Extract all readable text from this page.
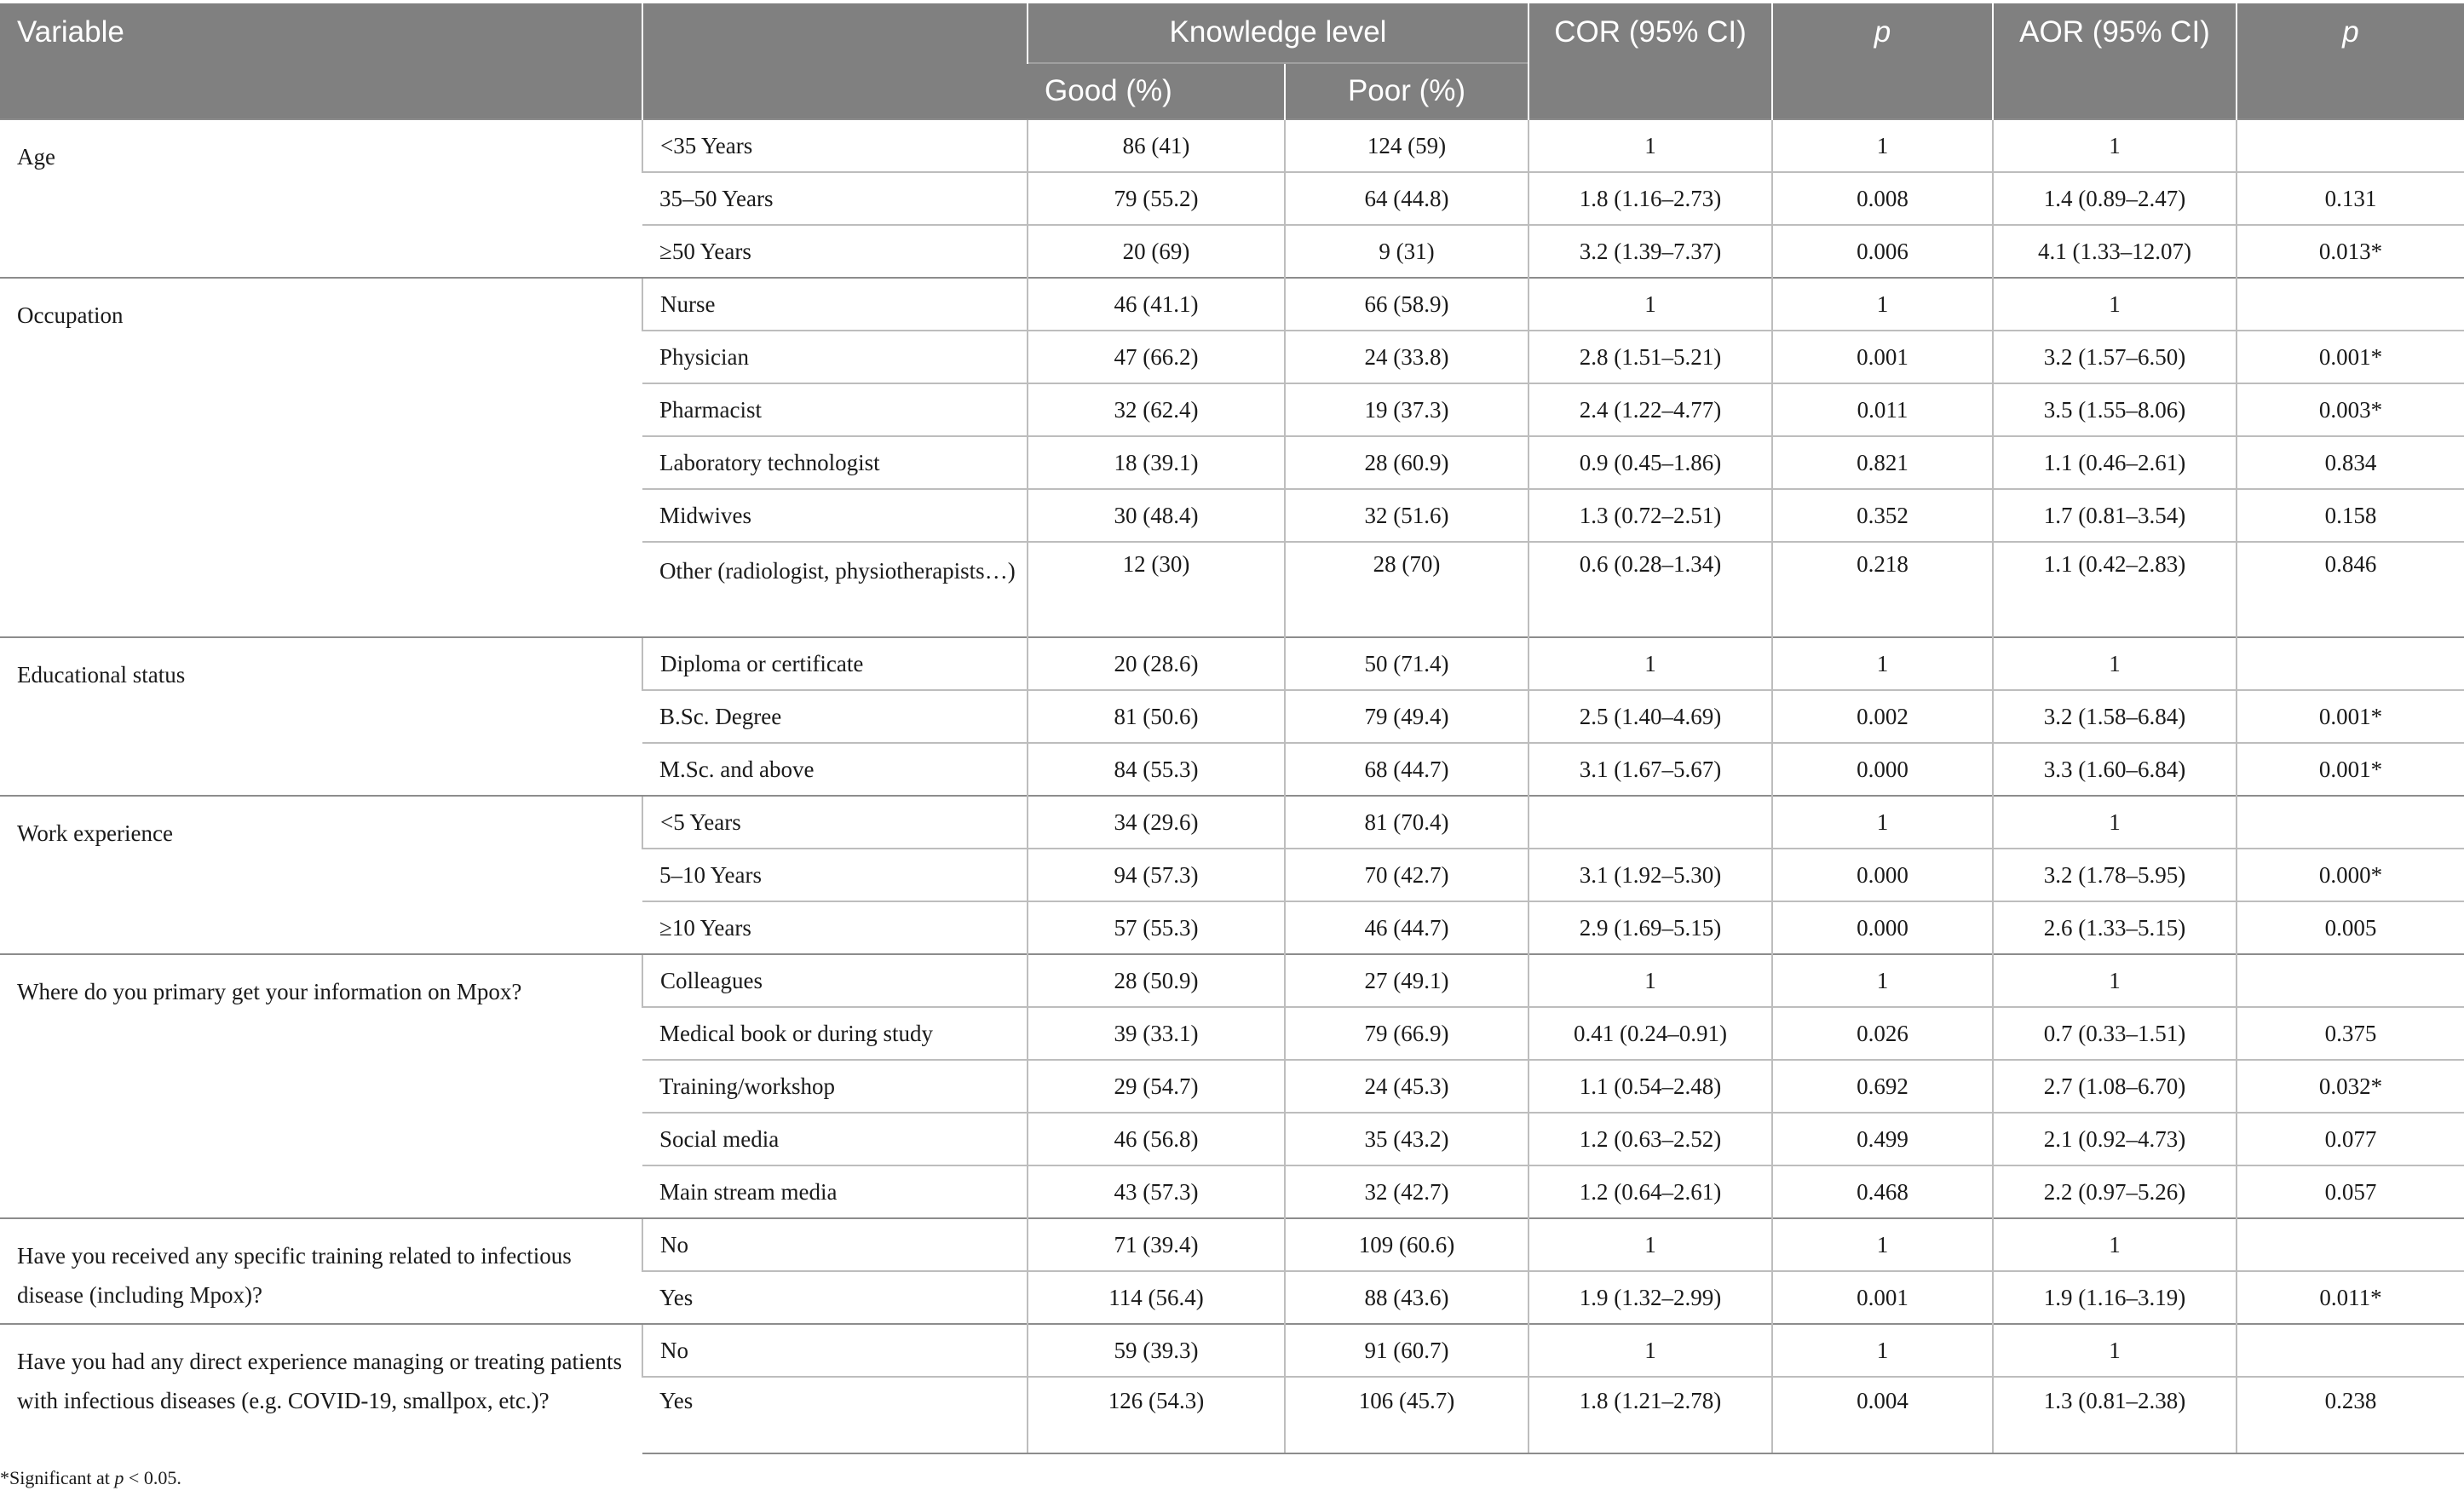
Variable		Knowledge level		COR (95% CI)	p	AOR (95% CI)	p
		Good (%)	Poor (%)				
Age	<35 Years	86 (41)	124 (59)	1	1	1	
	35–50 Years	79 (55.2)	64 (44.8)	1.8 (1.16–2.73)	0.008	1.4 (0.89–2.47)	0.131
	≥50 Years	20 (69)	9 (31)	3.2 (1.39–7.37)	0.006	4.1 (1.33–12.07)	0.013*
Occupation	Nurse	46 (41.1)	66 (58.9)	1	1	1	
	Physician	47 (66.2)	24 (33.8)	2.8 (1.51–5.21)	0.001	3.2 (1.57–6.50)	0.001*
	Pharmacist	32 (62.4)	19 (37.3)	2.4 (1.22–4.77)	0.011	3.5 (1.55–8.06)	0.003*
	Laboratory technologist	18 (39.1)	28 (60.9)	0.9 (0.45–1.86)	0.821	1.1 (0.46–2.61)	0.834
	Midwives	30 (48.4)	32 (51.6)	1.3 (0.72–2.51)	0.352	1.7 (0.81–3.54)	0.158
	Other (radiologist, physiotherapists…)	12 (30)	28 (70)	0.6 (0.28–1.34)	0.218	1.1 (0.42–2.83)	0.846
Educational status	Diploma or certificate	20 (28.6)	50 (71.4)	1	1	1	
	B.Sc. Degree	81 (50.6)	79 (49.4)	2.5 (1.40–4.69)	0.002	3.2 (1.58–6.84)	0.001*
	M.Sc. and above	84 (55.3)	68 (44.7)	3.1 (1.67–5.67)	0.000	3.3 (1.60–6.84)	0.001*
Work experience	<5 Years	34 (29.6)	81 (70.4)		1	1	
	5–10 Years	94 (57.3)	70 (42.7)	3.1 (1.92–5.30)	0.000	3.2 (1.78–5.95)	0.000*
	≥10 Years	57 (55.3)	46 (44.7)	2.9 (1.69–5.15)	0.000	2.6 (1.33–5.15)	0.005
Where do you primary get your information on Mpox?	Colleagues	28 (50.9)	27 (49.1)	1	1	1	
	Medical book or during study	39 (33.1)	79 (66.9)	0.41 (0.24–0.91)	0.026	0.7 (0.33–1.51)	0.375
	Training/workshop	29 (54.7)	24 (45.3)	1.1 (0.54–2.48)	0.692	2.7 (1.08–6.70)	0.032*
	Social media	46 (56.8)	35 (43.2)	1.2 (0.63–2.52)	0.499	2.1 (0.92–4.73)	0.077
	Main stream media	43 (57.3)	32 (42.7)	1.2 (0.64–2.61)	0.468	2.2 (0.97–5.26)	0.057
Have you received any specific training related to infectious disease (including Mpox)?	No	71 (39.4)	109 (60.6)	1	1	1	
	Yes	114 (56.4)	88 (43.6)	1.9 (1.32–2.99)	0.001	1.9 (1.16–3.19)	0.011*
Have you had any direct experience managing or treating patients with infectious diseases (e.g. COVID-19, smallpox, etc.)?	No	59 (39.3)	91 (60.7)	1	1	1	
	Yes	126 (54.3)	106 (45.7)	1.8 (1.21–2.78)	0.004	1.3 (0.81–2.38)	0.238
*Significant at p < 0.05.
